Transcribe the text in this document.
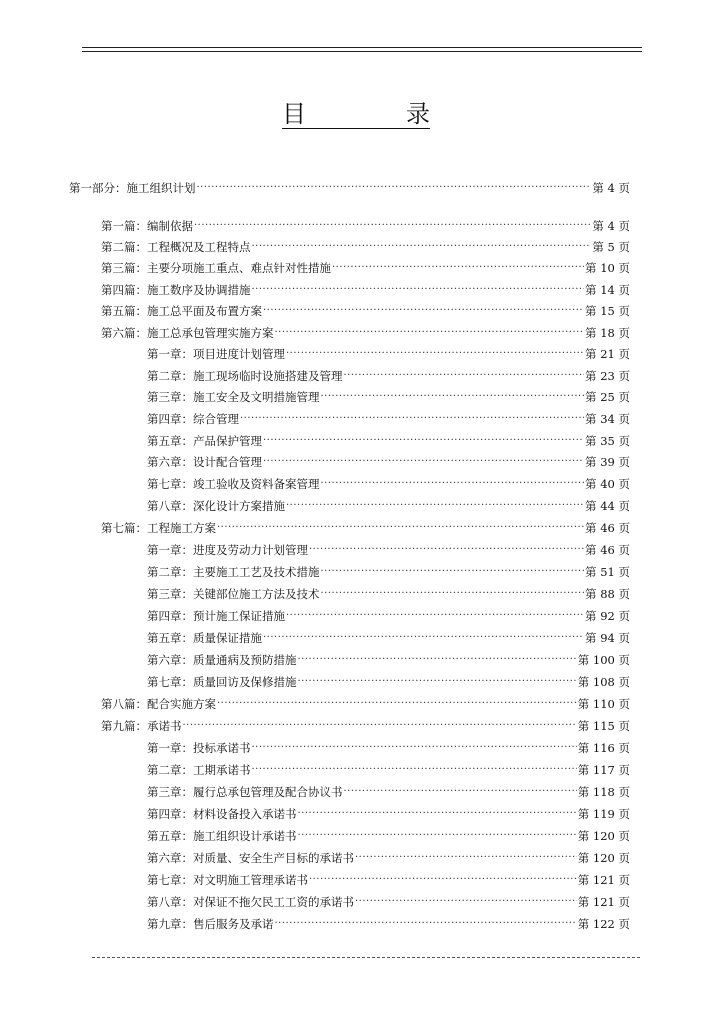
目	录
第一部分：施工组织计划 ·····	第 4 页
第一篇：编制依据 ·····	第 4 页
第二篇：工程概况及工程特点 ·····	第 5 页
第三篇：主要分项施工重点、难点针对性措施 ·····	第 10 页
第四篇：施工数序及协调措施 ·····	第 14 页
第五篇：施工总平面及布置方案 ·····	第 15 页
第六篇：施工总承包管理实施方案 ·····	第 18 页
第一章：项目进度计划管理 ·····	第 21 页
第二章：施工现场临时设施搭建及管理 ·····	第 23 页
第三章：施工安全及文明措施管理 ·····	第 25 页
第四章：综合管理 ·····	第 34 页
第五章：产品保护管理 ·····	第 35 页
第六章：设计配合管理 ·····	第 39 页
第七章：竣工验收及资料备案管理 ·····	第 40 页
第八章：深化设计方案措施 ·····	第 44 页
第七篇：工程施工方案 ·····	第 46 页
第一章：进度及劳动力计划管理 ·····	第 46 页
第二章：主要施工工艺及技术措施 ·····	第 51 页
第三章：关键部位施工方法及技术 ·····	第 88 页
第四章：预计施工保证措施 ·····	第 92 页
第五章：质量保证措施 ·····	第 94 页
第六章：质量通病及预防措施 ·····	第 100 页
第七章：质量回访及保修措施 ·····	第 108 页
第八篇：配合实施方案 ·····	第 110 页
第九篇：承诺书 ·····	第 115 页
第一章：投标承诺书 ·····	第 116 页
第二章：工期承诺书 ·····	第 117 页
第三章：履行总承包管理及配合协议书 ·····	第 118 页
第四章：材料设备投入承诺书 ·····	第 119 页
第五章：施工组织设计承诺书 ·····	第 120 页
第六章：对质量、安全生产目标的承诺书 ·····	第 120 页
第七章：对文明施工管理承诺书 ·····	第 121 页
第八章：对保证不拖欠民工工资的承诺书 ·····	第 121 页
第九章：售后服务及承诺 ·····	第 122 页
